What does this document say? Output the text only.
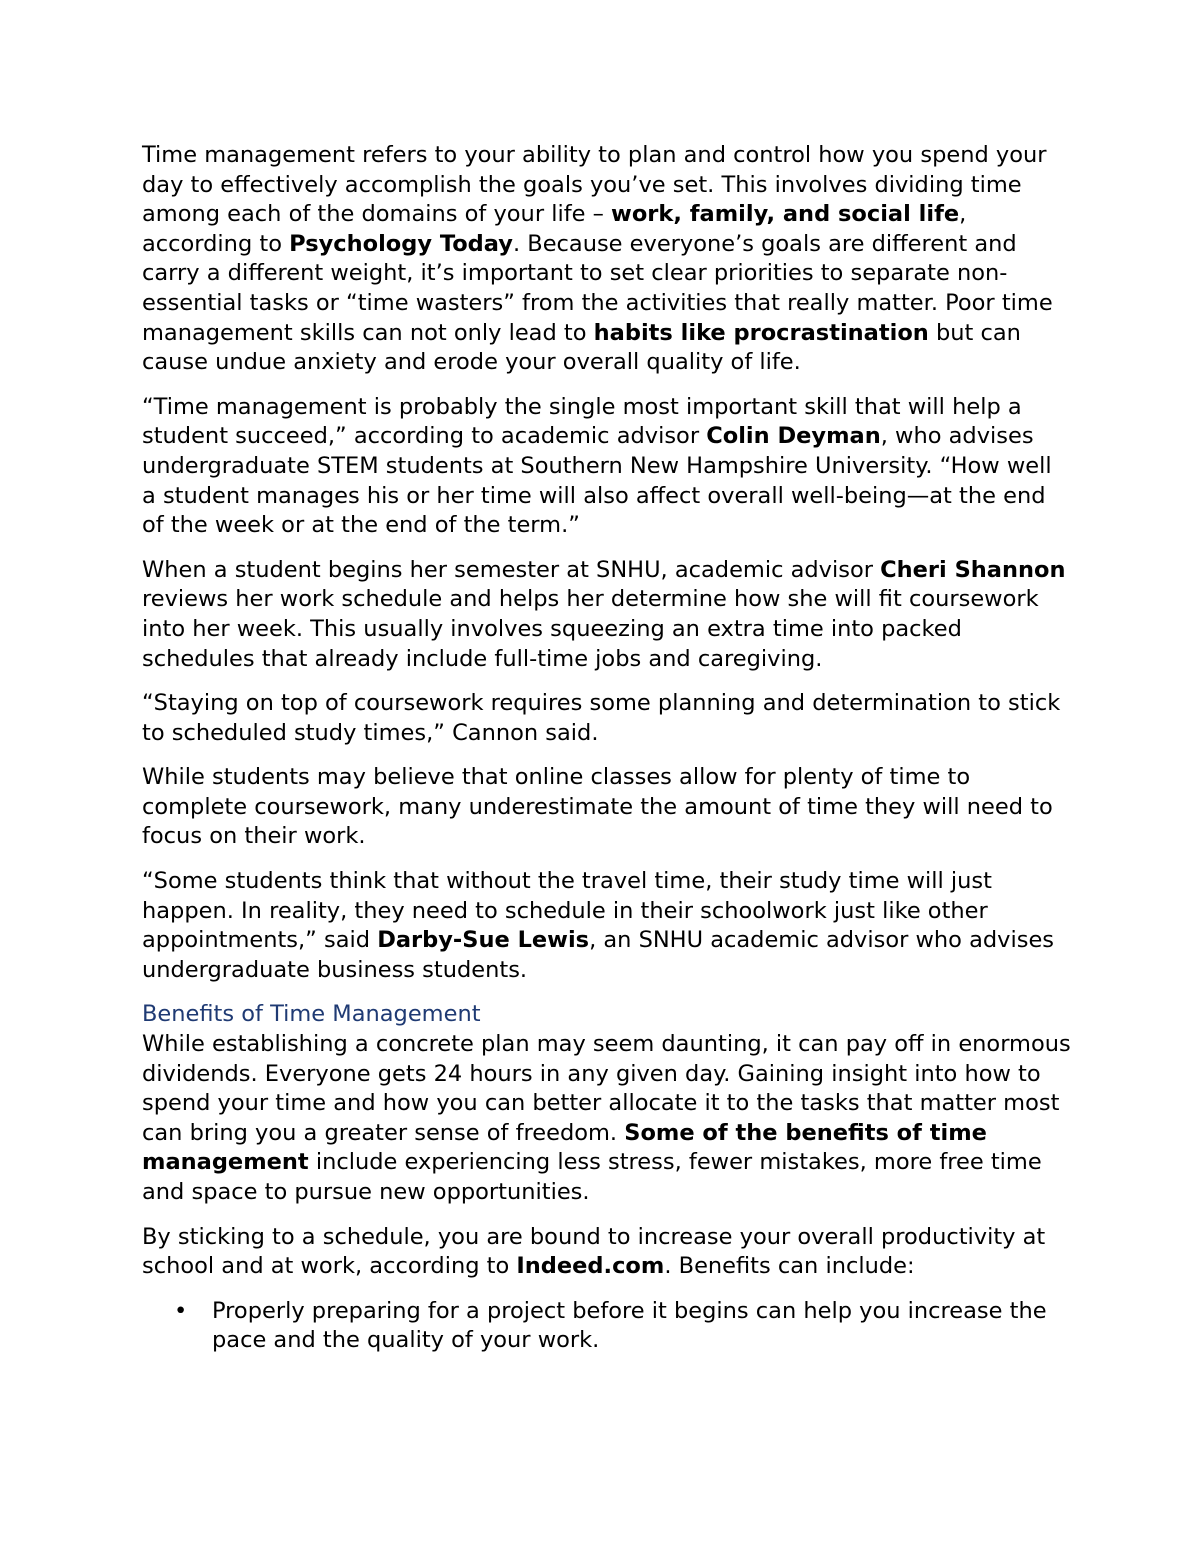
Time management refers to your ability to plan and control how you spend your day to effectively accomplish the goals you’ve set. This involves dividing time among each of the domains of your life – work, family, and social life, according to Psychology Today. Because everyone’s goals are different and carry a different weight, it’s important to set clear priorities to separate non-essential tasks or “time wasters” from the activities that really matter. Poor time management skills can not only lead to habits like procrastination but can cause undue anxiety and erode your overall quality of life.

“Time management is probably the single most important skill that will help a student succeed,” according to academic advisor Colin Deyman, who advises undergraduate STEM students at Southern New Hampshire University. “How well a student manages his or her time will also affect overall well-being—at the end of the week or at the end of the term.”

When a student begins her semester at SNHU, academic advisor Cheri Shannon reviews her work schedule and helps her determine how she will fit coursework into her week. This usually involves squeezing an extra time into packed schedules that already include full-time jobs and caregiving.

“Staying on top of coursework requires some planning and determination to stick to scheduled study times,” Cannon said.

While students may believe that online classes allow for plenty of time to complete coursework, many underestimate the amount of time they will need to focus on their work.

“Some students think that without the travel time, their study time will just happen. In reality, they need to schedule in their schoolwork just like other appointments,” said Darby-Sue Lewis, an SNHU academic advisor who advises undergraduate business students.

Benefits of Time Management

While establishing a concrete plan may seem daunting, it can pay off in enormous dividends. Everyone gets 24 hours in any given day. Gaining insight into how to spend your time and how you can better allocate it to the tasks that matter most can bring you a greater sense of freedom. Some of the benefits of time management include experiencing less stress, fewer mistakes, more free time and space to pursue new opportunities.

By sticking to a schedule, you are bound to increase your overall productivity at school and at work, according to Indeed.com. Benefits can include:

• Properly preparing for a project before it begins can help you increase the pace and the quality of your work.
